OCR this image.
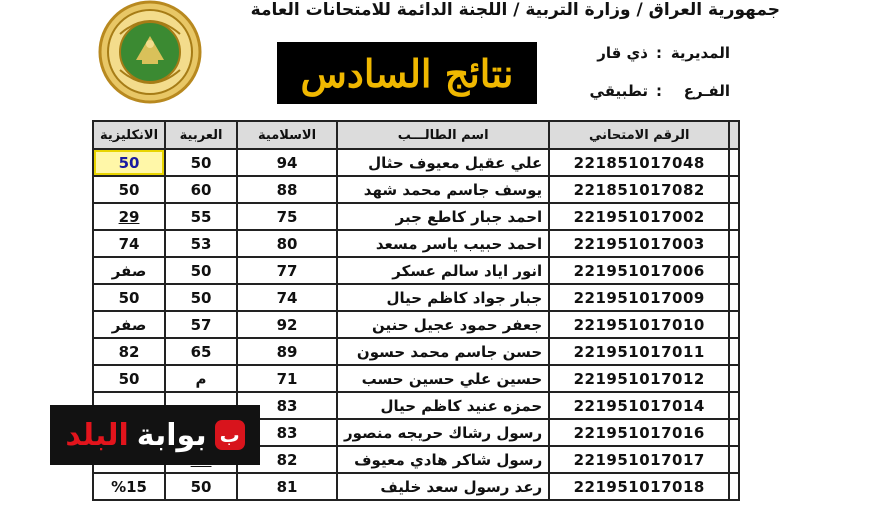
جمهورية العراق / وزارة التربية / اللجنة الدائمة للامتحانات العامة
نتائج السادس	المديرية:ذي قار
الفـرع:تطبيقي
	الرقم الامتحاني	اسم الطالـــب	الاسلامية	العربية	الانكليزية
	221851017048	علي عقيل معيوف حثال	94	50	50
	221851017082	يوسف جاسم محمد شهد	88	60	50
	221951017002	احمد جبار كاطع جبر	75	55	29
	221951017003	احمد حبيب ياسر مسعد	80	53	74
	221951017006	انور اياد سالم عسكر	77	50	صفر
	221951017009	جبار جواد كاظم حيال	74	50	50
	221951017010	جعفر حمود عجيل حنين	92	57	صفر
	221951017011	حسن جاسم محمد حسون	89	65	82
	221951017012	حسين علي حسين حسب	71	م	50
	221951017014	حمزه عنيد كاظم حيال	83		
	221951017016	رسول رشاك حريجه منصور	83		
	221951017017	رسول شاكر هادي معيوف	82		
	221951017018	رعد رسول سعد خليف	81	50	%15
ب
بوابة
البلد
